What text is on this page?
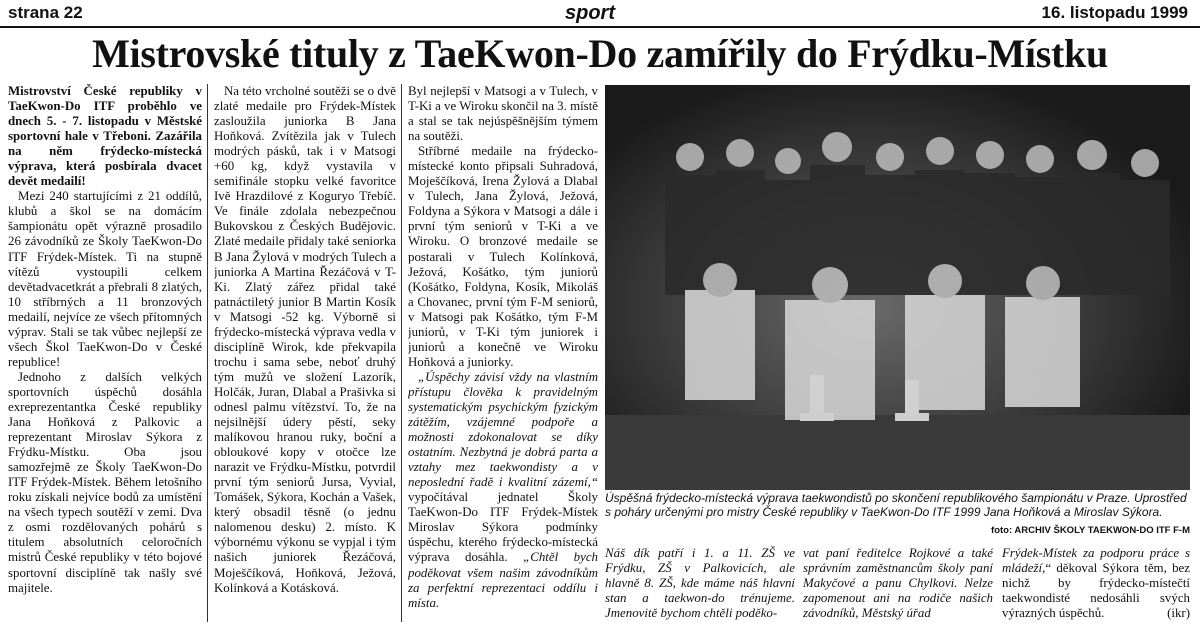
strana 22	sport	16. listopadu 1999
Mistrovské tituly z TaeKwon-Do zamířily do Frýdku-Místku

Mistrovství České republiky v TaeKwon-Do ITF proběhlo ve dnech 5. - 7. listopadu v Městské sportovní hale v Třeboni. Zazářila na něm frýdecko-místecká výprava, která posbírala dvacet devět medailí!

Mezi 240 startujícími z 21 oddílů, klubů a škol se na domácím šampionátu opět výrazně prosadilo 26 závodníků ze Školy TaeKwon-Do ITF Frýdek-Místek. Ti na stupně vítězů vystoupili celkem devětadvacetkrát a přebrali 8 zlatých, 10 stříbrných a 11 bronzových medailí, nejvíce ze všech přítomných výprav. Stali se tak vůbec nejlepší ze všech Škol TaeKwon-Do v České republice!

Jednoho z dalších velkých sportovních úspěchů dosáhla exreprezentantka České republiky Jana Hoňková z Palkovic a reprezentant Miroslav Sýkora z Frýdku-Místku. Oba jsou samozřejmě ze Školy TaeKwon-Do ITF Frýdek-Místek. Během letošního roku získali nejvíce bodů za umístění na všech typech soutěží v zemi. Dva z osmi rozdělovaných pohárů s titulem absolutních celoročních mistrů České republiky v této bojové sportovní disciplíně tak našly své majitele.

Na této vrcholné soutěži se o dvě zlaté medaile pro Frýdek-Místek zasloužila juniorka B Jana Hoňková. Zvítězila jak v Tulech modrých pásků, tak i v Matsogi +60 kg, když vystavila v semifinále stopku velké favoritce Ivě Hrazdilové z Koguryo Třebíč. Ve finále zdolala nebezpečnou Bukovskou z Českých Budějovic. Zlaté medaile přidaly také seniorka B Jana Žylová v modrých Tulech a juniorka A Martina Řezáčová v T-Ki. Zlatý zářez přidal také patnáctiletý junior B Martin Kosík v Matsogi -52 kg. Výborně si frýdecko-místecká výprava vedla v disciplíně Wirok, kde překvapila trochu i sama sebe, neboť druhý tým mužů ve složení Lazorík, Holčák, Juran, Dlabal a Prašivka si odnesl palmu vítězství. To, že na nejsilnější údery pěstí, seky malíkovou hranou ruky, boční a obloukové kopy v otočce lze narazit ve Frýdku-Místku, potvrdil první tým seniorů Jursa, Vyvial, Tomášek, Sýkora, Kochán a Vašek, který obsadil těsně (o jednu nalomenou desku) 2. místo. K výbornému výkonu se vypjal i tým našich juniorek Řezáčová, Moješčíková, Hoňková, Ježová, Kolínková a Kotásková.

Byl nejlepší v Matsogi a v Tulech, v T-Ki a ve Wiroku skončil na 3. místě a stal se tak nejúspěšnějším týmem na soutěži.

Stříbrné medaile na frýdecko-místecké konto připsali Suhradová, Moješčíková, Irena Žylová a Dlabal v Tulech, Jana Žylová, Ježová, Foldyna a Sýkora v Matsogi a dále i první tým seniorů v T-Ki a ve Wiroku. O bronzové medaile se postarali v Tulech Kolínková, Ježová, Košátko, tým juniorů (Košátko, Foldyna, Kosík, Mikoláš a Chovanec, první tým F-M seniorů, v Matsogi pak Košátko, tým F-M juniorů, v T-Ki tým juniorek i juniorů a konečně ve Wiroku Hoňková a juniorky.

„Úspěchy závisí vždy na vlastním přístupu člověka k pravidelným systematickým psychickým fyzickým zátěžím, vzájemné podpoře a možnosti zdokonalovat se díky ostatním. Nezbytná je dobrá parta a vztahy mez taekwondisty a v neposlední řadě i kvalitní zázemí,“ vypočítával jednatel Školy TaeKwon-Do ITF Frýdek-Místek Miroslav Sýkora podmínky úspěchu, kterého frýdecko-místecká výprava dosáhla. „Chtěl bych poděkovat všem našim závodníkům za perfektní reprezentaci oddílu i místa.

Úspěšná frýdecko-místecká výprava taekwondistů po skončení republikového šampionátu v Praze. Uprostřed s poháry určenými pro mistry České republiky v TaeKwon-Do ITF 1999 Jana Hoňková a Miroslav Sýkora.
foto: ARCHIV ŠKOLY TAEKWON-DO ITF F-M

Náš dík patří i 1. a 11. ZŠ ve Frýdku, ZŠ v Palkovicích, ale hlavně 8. ZŠ, kde máme náš hlavní stan a taekwon-do trénujeme. Jmenovitě bychom chtěli poděko-

vat paní ředitelce Rojkové a také správním zaměstnancům školy paní Makyčové a panu Chylkovi. Nelze zapomenout ani na rodiče našich závodníků, Městský úřad

Frýdek-Místek za podporu práce s mládeží,“ děkoval Sýkora těm, bez nichž by frýdecko-místečtí taekwondisté nedosáhli svých výrazných úspěchů.	(ikr)
